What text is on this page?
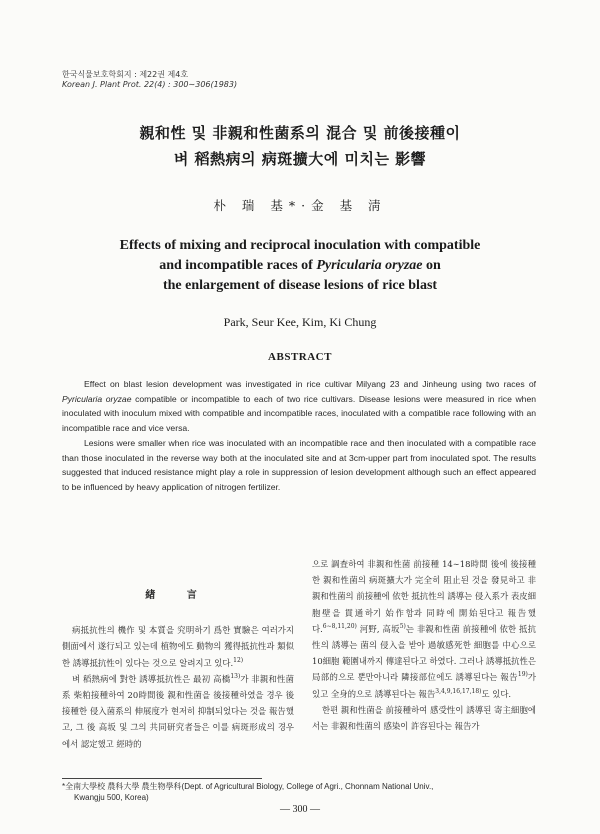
한국식물보호학회지 : 제22권 제4호
Korean J. Plant Prot. 22(4) : 300∼306(1983)
親和性 및 非親和性菌系의 混合 및 前後接種이
벼 稻熱病의 病斑擴大에 미치는 影響
朴 瑞 基*·金 基 淸
Effects of mixing and reciprocal inoculation with compatible
and incompatible races of Pyricularia oryzae on
the enlargement of disease lesions of rice blast
Park, Seur Kee, Kim, Ki Chung
ABSTRACT

Effect on blast lesion development was investigated in rice cultivar Milyang 23 and Jinheung using two races of Pyricularia oryzae compatible or incompatible to each of two rice cultivars. Disease lesions were measured in rice when inoculated with inoculum mixed with compatible and incompatible races, inoculated with a compatible race following with an incompatible race and vice versa.

Lesions were smaller when rice was inoculated with an incompatible race and then inoculated with a compatible race than those inoculated in the reverse way both at the inoculated site and at 3cm-upper part from inoculated spot. The results suggested that induced resistance might play a role in suppression of lesion development although such an effect appeared to be influenced by heavy application of nitrogen fertilizer.

緖 言

病抵抗性의 機作 및 本質을 究明하기 爲한 實驗은 여러가지 側面에서 遂行되고 있는데 植物에도 動物의 獲得抵抗性과 類似한 誘導抵抗性이 있다는 것으로 알려지고 있다.$^{12)}$

벼 稻熱病에 對한 誘導抵抗性은 最初 高橋$^{13)}$가 非親和性菌系 柴粕接種하여 20時間後 親和性菌을 後接種하였을 경우 後接種한 侵入菌系의 伸展度가 현저히 抑制되었다는 것을 報告했고, 그 後 高坂 및 그의 共同研究者들은 이를 病斑形成의 경우에서 認定했고 經時的

으로 調査하여 非親和性菌 前接種 14∼18時間 後에 後接種한 親和性菌의 病斑擴大가 完全히 阻止된 것을 發見하고 非親和性菌의 前接種에 依한 抵抗性의 誘導는 侵入系가 表皮細胞壁을 貫通하기 始作함과 同時에 開始된다고 報告했다.$^{6\sim 8,11,20)}$ 河野, 高坂$^{5)}$는 非親和性菌 前接種에 依한 抵抗性의 誘導는 菌의 侵入을 받아 過敏感死한 細胞를 中心으로 10細胞 範圍내까지 傳達된다고 하였다. 그러나 誘導抵抗性은 局部的으로 뿐만아니라 隣接部位에도 誘導된다는 報告$^{19)}$가 있고 全身的으로 誘導된다는 報告$^{3,4,9,16,17,18)}$도 있다.

한편 親和性菌을 前接種하여 感受性이 誘導된 寄主細胞에서는 非親和性菌의 感染이 許容된다는 報告가

*全南大學校 農科大學 農生物學科(Dept. of Agricultural Biology, College of Agri., Chonnam National Univ.,
Kwangju 500, Korea)
— 300 —
